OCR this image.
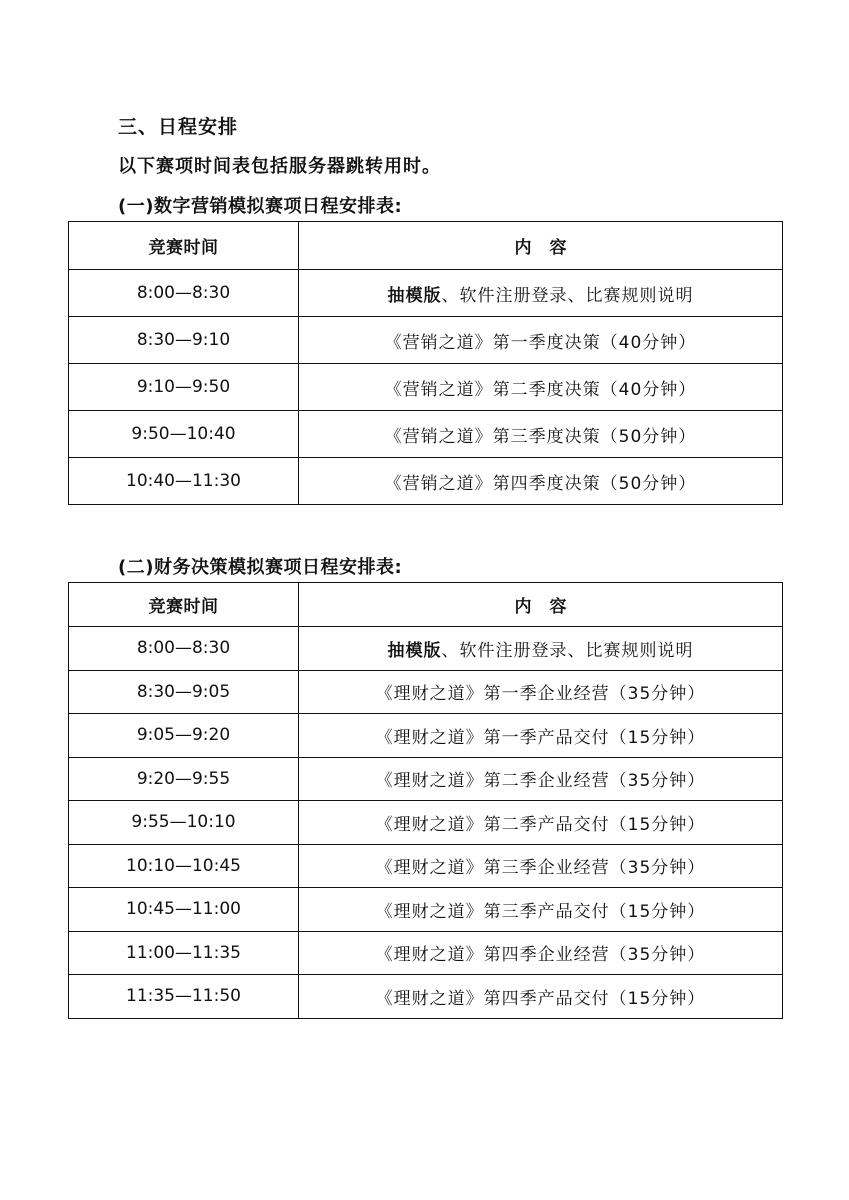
三、日程安排

以下赛项时间表包括服务器跳转用时。

(一)数字营销模拟赛项日程安排表:

竞赛时间	内容
8:00—8:30	抽模版、软件注册登录、比赛规则说明
8:30—9:10	《营销之道》第一季度决策（40分钟）
9:10—9:50	《营销之道》第二季度决策（40分钟）
9:50—10:40	《营销之道》第三季度决策（50分钟）
10:40—11:30	《营销之道》第四季度决策（50分钟）

(二)财务决策模拟赛项日程安排表:

竞赛时间	内容
8:00—8:30	抽模版、软件注册登录、比赛规则说明
8:30—9:05	《理财之道》第一季企业经营（35分钟）
9:05—9:20	《理财之道》第一季产品交付（15分钟）
9:20—9:55	《理财之道》第二季企业经营（35分钟）
9:55—10:10	《理财之道》第二季产品交付（15分钟）
10:10—10:45	《理财之道》第三季企业经营（35分钟）
10:45—11:00	《理财之道》第三季产品交付（15分钟）
11:00—11:35	《理财之道》第四季企业经营（35分钟）
11:35—11:50	《理财之道》第四季产品交付（15分钟）
